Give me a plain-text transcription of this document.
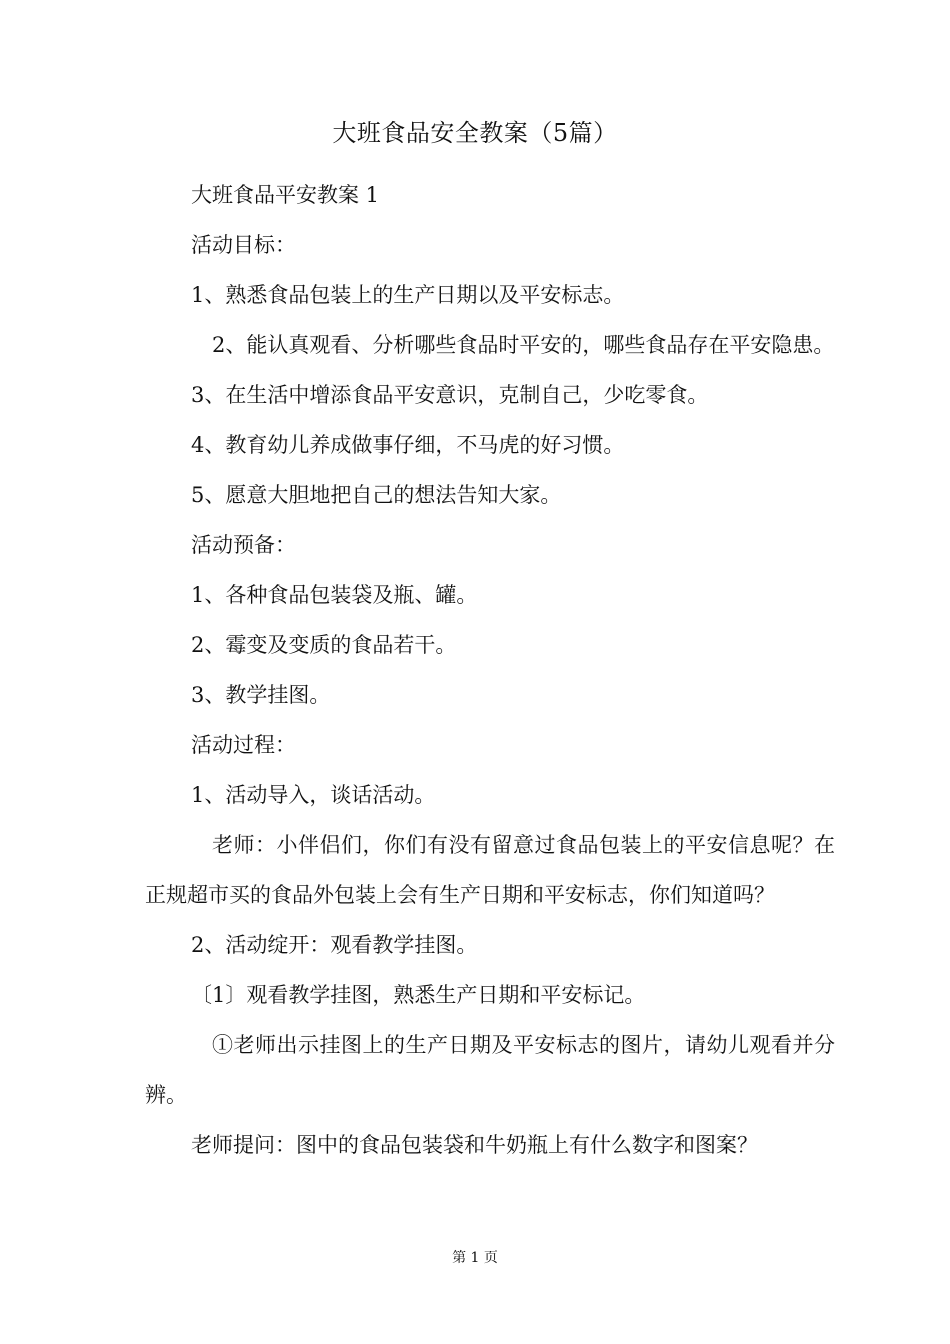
大班食品安全教案（5篇）

大班食品平安教案 1

活动目标：

1、熟悉食品包装上的生产日期以及平安标志。

2、能认真观看、分析哪些食品时平安的，哪些食品存在平安隐患。

3、在生活中增添食品平安意识，克制自己，少吃零食。

4、教育幼儿养成做事仔细，不马虎的好习惯。

5、愿意大胆地把自己的想法告知大家。

活动预备：

1、各种食品包装袋及瓶、罐。

2、霉变及变质的食品若干。

3、教学挂图。

活动过程：

1、活动导入，谈话活动。

老师：小伴侣们，你们有没有留意过食品包装上的平安信息呢？在正规超市买的食品外包装上会有生产日期和平安标志，你们知道吗？

2、活动绽开：观看教学挂图。

〔1〕观看教学挂图，熟悉生产日期和平安标记。

①老师出示挂图上的生产日期及平安标志的图片，请幼儿观看并分辨。

老师提问：图中的食品包装袋和牛奶瓶上有什么数字和图案？

第 1 页
